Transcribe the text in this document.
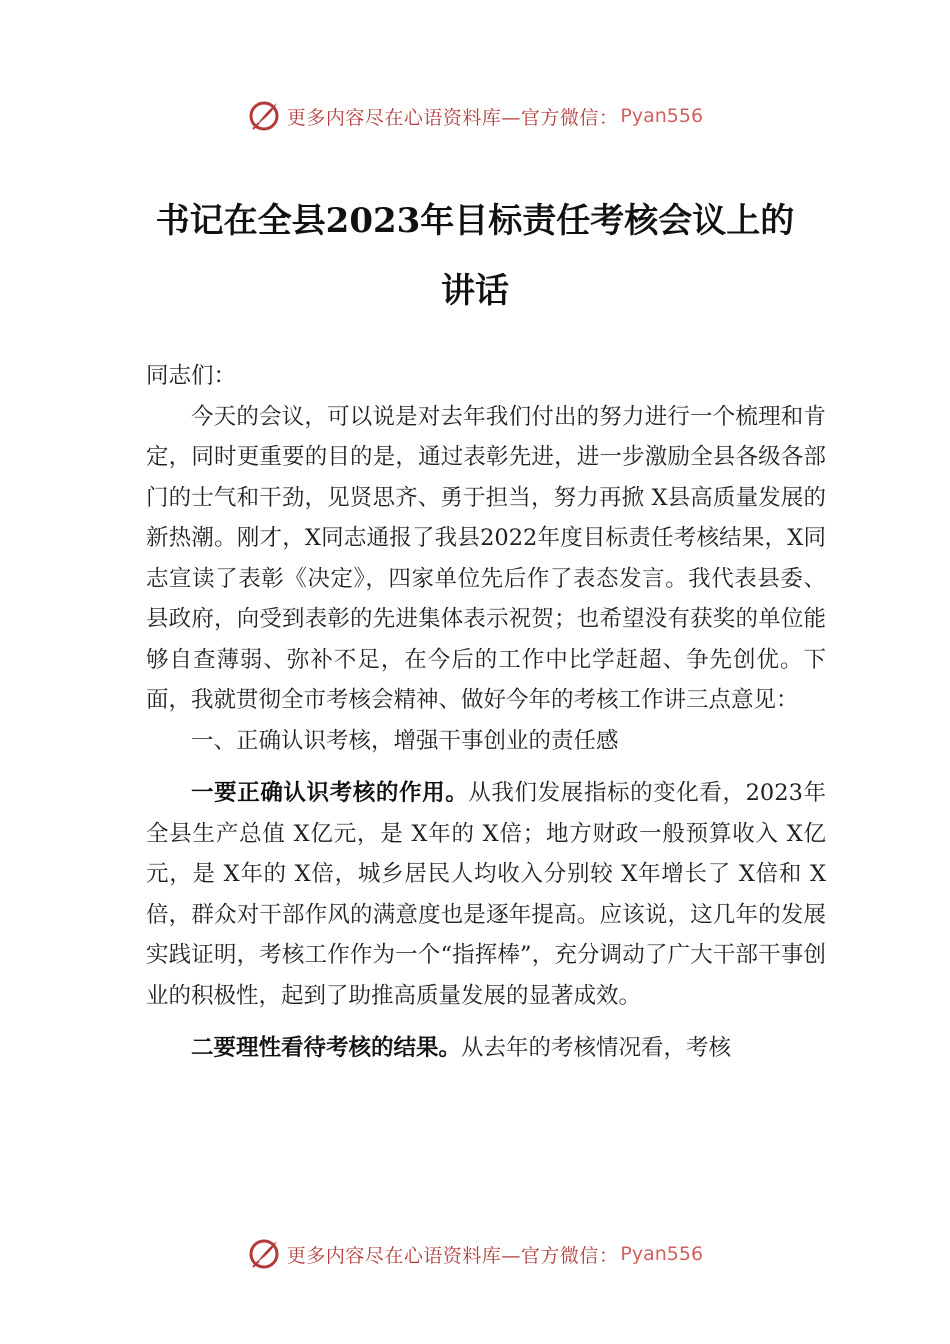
更多内容尽在心语资料库—官方微信： Pyan556
书记在全县2023年目标责任考核会议上的
讲话

同志们：

今天的会议，可以说是对去年我们付出的努力进行一个梳理和肯定，同时更重要的目的是，通过表彰先进，进一步激励全县各级各部门的士气和干劲，见贤思齐、勇于担当，努力再掀 X县高质量发展的新热潮。刚才，X同志通报了我县2022年度目标责任考核结果，X同志宣读了表彰《决定》，四家单位先后作了表态发言。我代表县委、县政府，向受到表彰的先进集体表示祝贺；也希望没有获奖的单位能够自查薄弱、弥补不足，在今后的工作中比学赶超、争先创优。下面，我就贯彻全市考核会精神、做好今年的考核工作讲三点意见：

一、正确认识考核，增强干事创业的责任感

一要正确认识考核的作用。从我们发展指标的变化看，2023年全县生产总值 X亿元，是 X年的 X倍；地方财政一般预算收入 X亿元，是 X年的 X倍，城乡居民人均收入分别较 X年增长了 X倍和 X倍，群众对干部作风的满意度也是逐年提高。应该说，这几年的发展实践证明，考核工作作为一个“指挥棒”，充分调动了广大干部干事创业的积极性，起到了助推高质量发展的显著成效。

二要理性看待考核的结果。从去年的考核情况看，考核

更多内容尽在心语资料库—官方微信： Pyan556
